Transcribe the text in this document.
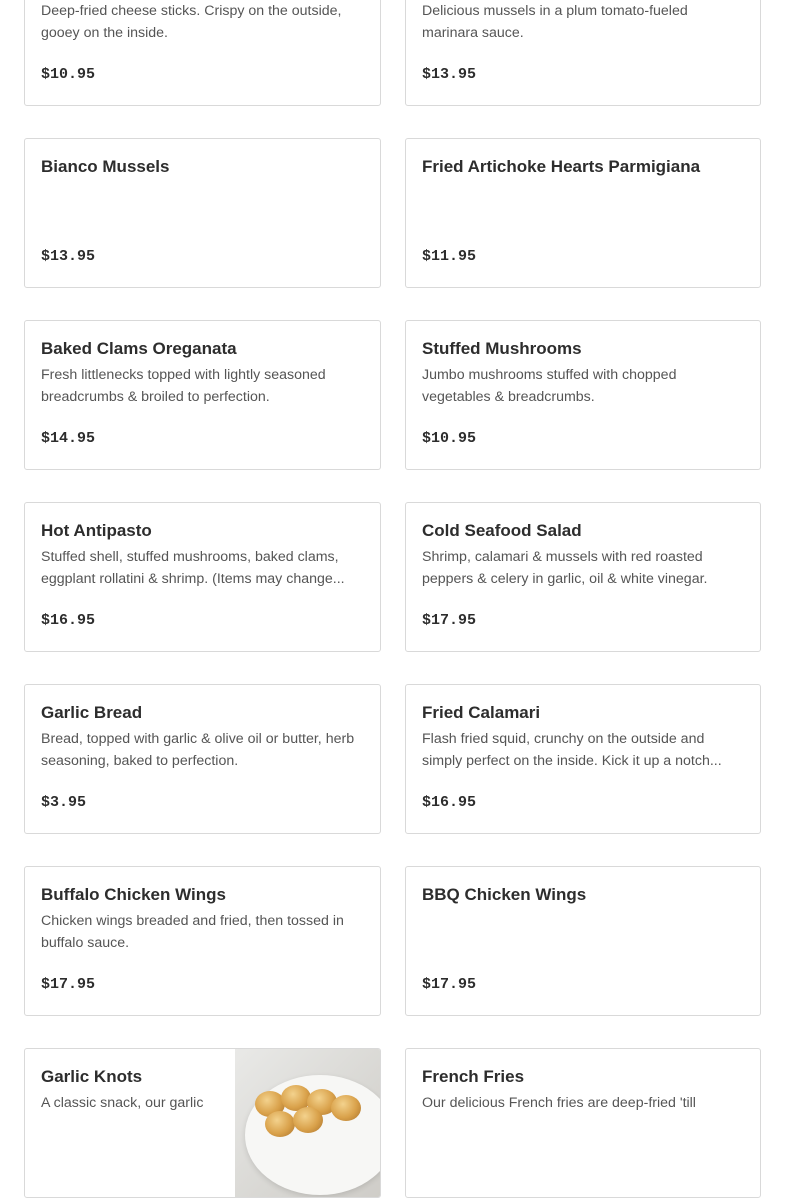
Deep-fried cheese sticks. Crispy on the outside, gooey on the inside.
$10.95
Delicious mussels in a plum tomato-fueled marinara sauce.
$13.95
Bianco Mussels
$13.95
Fried Artichoke Hearts Parmigiana
$11.95
Baked Clams Oreganata
Fresh littlenecks topped with lightly seasoned breadcrumbs & broiled to perfection.
$14.95
Stuffed Mushrooms
Jumbo mushrooms stuffed with chopped vegetables & breadcrumbs.
$10.95
Hot Antipasto
Stuffed shell, stuffed mushrooms, baked clams, eggplant rollatini & shrimp. (Items may change...
$16.95
Cold Seafood Salad
Shrimp, calamari & mussels with red roasted peppers & celery in garlic, oil & white vinegar.
$17.95
Garlic Bread
Bread, topped with garlic & olive oil or butter, herb seasoning, baked to perfection.
$3.95
Fried Calamari
Flash fried squid, crunchy on the outside and simply perfect on the inside. Kick it up a notch...
$16.95
Buffalo Chicken Wings
Chicken wings breaded and fried, then tossed in buffalo sauce.
$17.95
BBQ Chicken Wings
$17.95
Garlic Knots
A classic snack, our garlic
French Fries
Our delicious French fries are deep-fried 'till
